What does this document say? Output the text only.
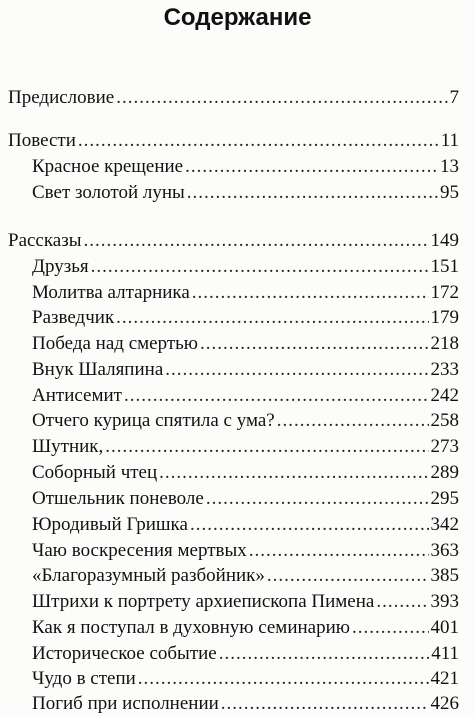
Содержание
Предисловие .....	7
Повести .....	11
Красное крещение .....	13
Свет золотой луны .....	95
Рассказы .....	149
Друзья .....	151
Молитва алтарника .....	172
Разведчик .....	179
Победа над смертью .....	218
Внук Шаляпина .....	233
Антисемит .....	242
Отчего курица спятила с ума? .....	258
Шутник, .....	273
Соборный чтец .....	289
Отшельник поневоле .....	295
Юродивый Гришка .....	342
Чаю воскресения мертвых .....	363
«Благоразумный разбойник» .....	385
Штрихи к портрету архиепископа Пимена .....	393
Как я поступал в духовную семинарию .....	401
Историческое событие .....	411
Чудо в степи .....	421
Погиб при исполнении .....	426
